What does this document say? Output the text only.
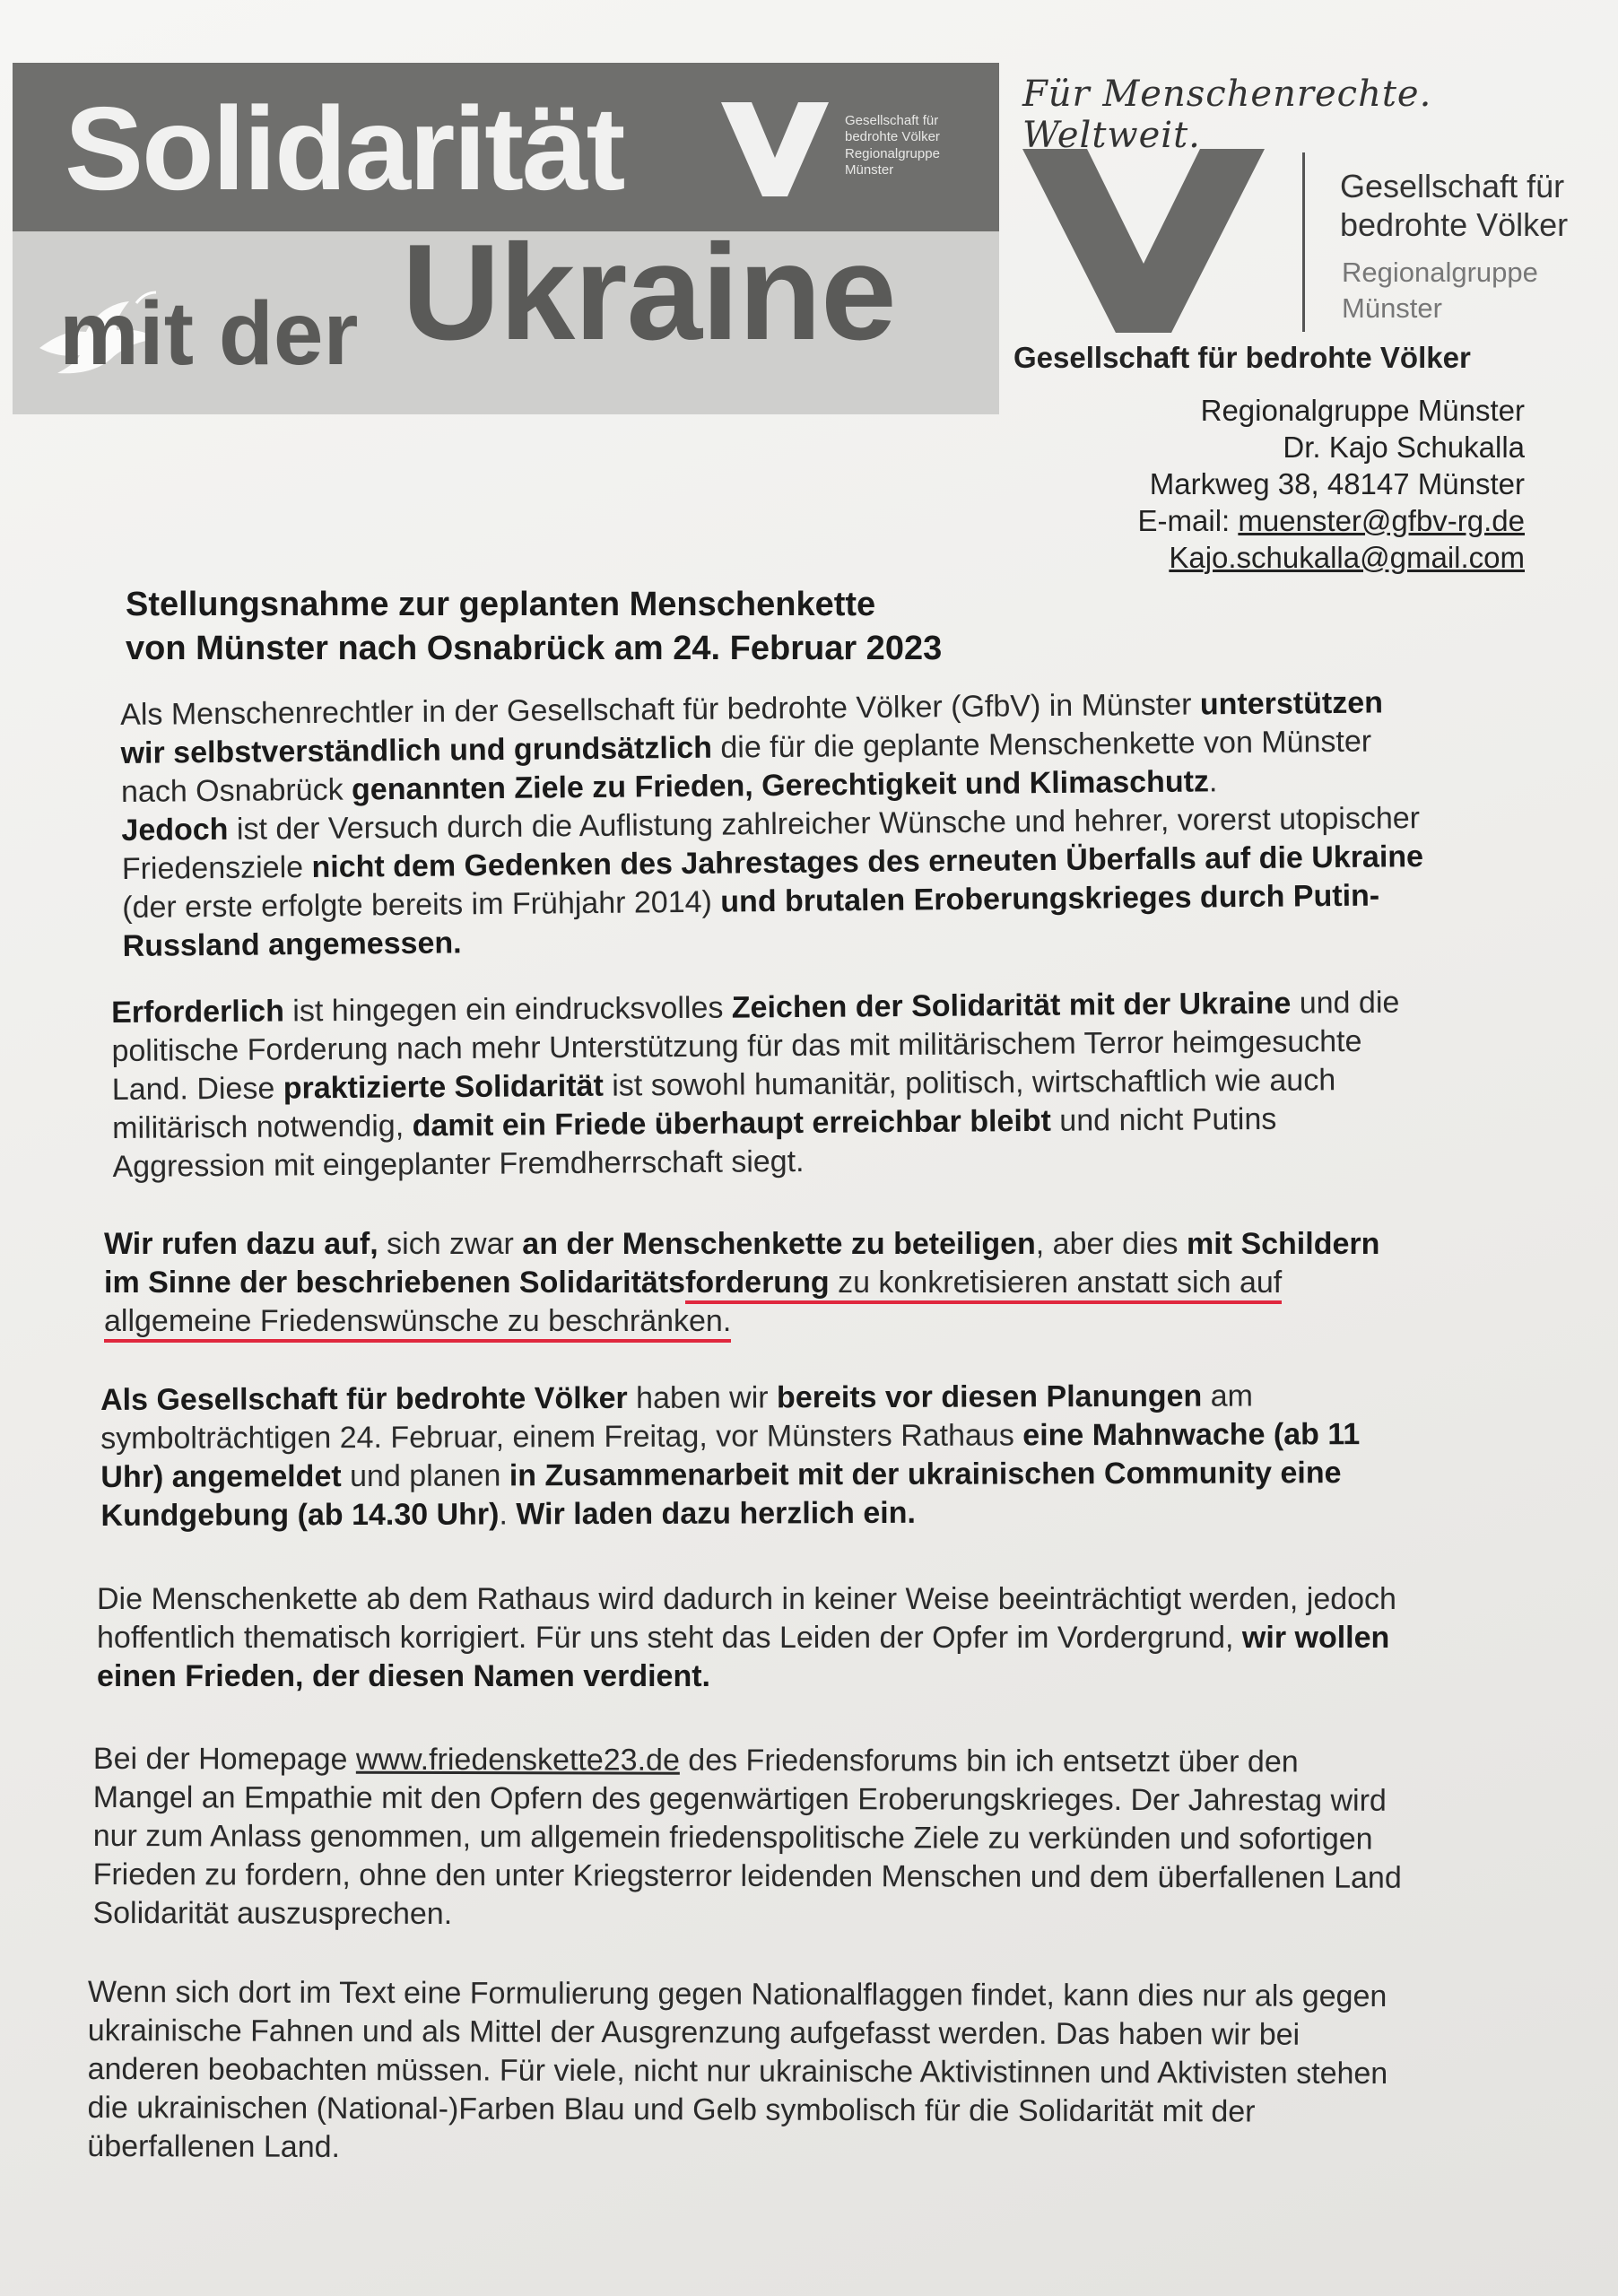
Solidarität	Gesellschaft für
bedrohte Völker
Regionalgruppe
Münster
mit der Ukraine
Für Menschenrechte. Weltweit.
Gesellschaft für
bedrohte Völker
Regionalgruppe
Münster
Gesellschaft für bedrohte Völker
Regionalgruppe Münster
Dr. Kajo Schukalla
Markweg 38, 48147 Münster
E-mail: muenster@gfbv-rg.de
Kajo.schukalla@gmail.com
Stellungsnahme zur geplanten Menschenkette
von Münster nach Osnabrück am 24. Februar 2023
Als Menschenrechtler in der Gesellschaft für bedrohte Völker (GfbV) in Münster unterstützen
wir selbstverständlich und grundsätzlich die für die geplante Menschenkette von Münster
nach Osnabrück genannten Ziele zu Frieden, Gerechtigkeit und Klimaschutz.
Jedoch ist der Versuch durch die Auflistung zahlreicher Wünsche und hehrer, vorerst utopischer
Friedensziele nicht dem Gedenken des Jahrestages des erneuten Überfalls auf die Ukraine
(der erste erfolgte bereits im Frühjahr 2014) und brutalen Eroberungskrieges durch Putin-
Russland angemessen.
Erforderlich ist hingegen ein eindrucksvolles Zeichen der Solidarität mit der Ukraine und die
politische Forderung nach mehr Unterstützung für das mit militärischem Terror heimgesuchte
Land. Diese praktizierte Solidarität ist sowohl humanitär, politisch, wirtschaftlich wie auch
militärisch notwendig, damit ein Friede überhaupt erreichbar bleibt und nicht Putins
Aggression mit eingeplanter Fremdherrschaft siegt.
Wir rufen dazu auf, sich zwar an der Menschenkette zu beteiligen, aber dies mit Schildern
im Sinne der beschriebenen Solidaritätsforderung zu konkretisieren anstatt sich auf
allgemeine Friedenswünsche zu beschränken.
Als Gesellschaft für bedrohte Völker haben wir bereits vor diesen Planungen am
symbolträchtigen 24. Februar, einem Freitag, vor Münsters Rathaus eine Mahnwache (ab 11
Uhr) angemeldet und planen in Zusammenarbeit mit der ukrainischen Community eine
Kundgebung (ab 14.30 Uhr). Wir laden dazu herzlich ein.
Die Menschenkette ab dem Rathaus wird dadurch in keiner Weise beeinträchtigt werden, jedoch
hoffentlich thematisch korrigiert. Für uns steht das Leiden der Opfer im Vordergrund, wir wollen
einen Frieden, der diesen Namen verdient.
Bei der Homepage www.friedenskette23.de des Friedensforums bin ich entsetzt über den
Mangel an Empathie mit den Opfern des gegenwärtigen Eroberungskrieges. Der Jahrestag wird
nur zum Anlass genommen, um allgemein friedenspolitische Ziele zu verkünden und sofortigen
Frieden zu fordern, ohne den unter Kriegsterror leidenden Menschen und dem überfallenen Land
Solidarität auszusprechen.
Wenn sich dort im Text eine Formulierung gegen Nationalflaggen findet, kann dies nur als gegen
ukrainische Fahnen und als Mittel der Ausgrenzung aufgefasst werden. Das haben wir bei
anderen beobachten müssen. Für viele, nicht nur ukrainische Aktivistinnen und Aktivisten stehen
die ukrainischen (National-)Farben Blau und Gelb symbolisch für die Solidarität mit der
überfallenen Land.
